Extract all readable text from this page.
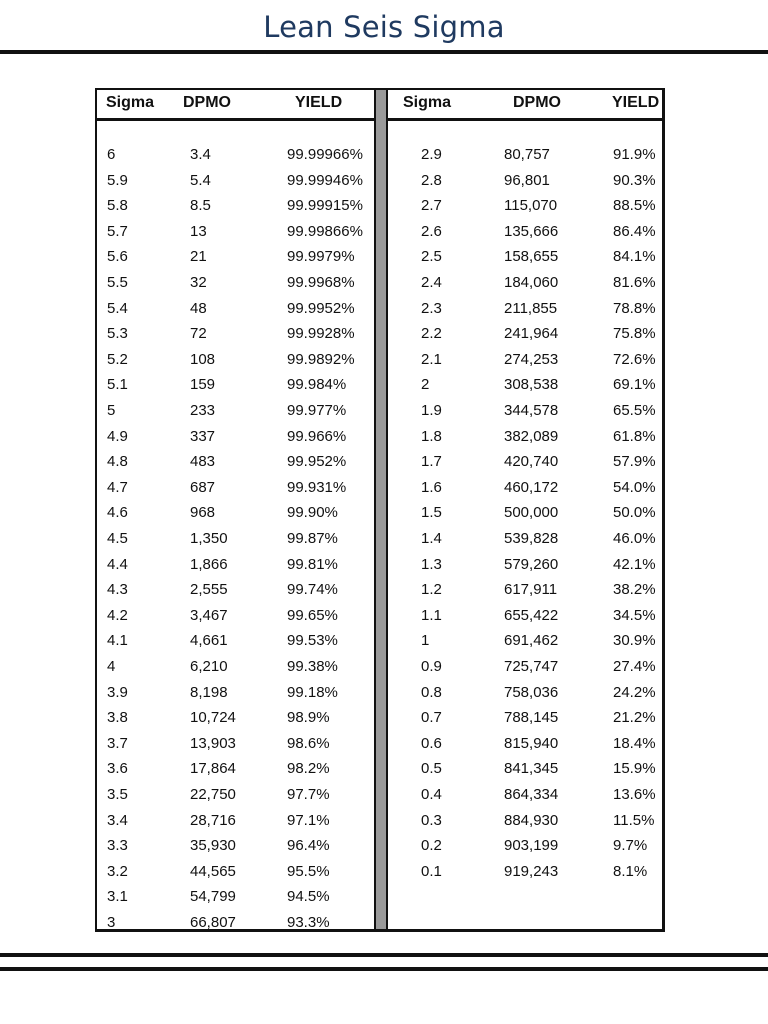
Lean Seis Sigma
Sigma DPMO	YIELD	Sigma	DPMO	YIELD
6	3.4	99.99966%
5.9	5.4	99.99946%
5.8	8.5	99.99915%
5.7	13	99.99866%
5.6	21	99.9979%
5.5	32	99.9968%
5.4	48	99.9952%
5.3	72	99.9928%
5.2	108	99.9892%
5.1	159	99.984%
5	233	99.977%
4.9	337	99.966%
4.8	483	99.952%
4.7	687	99.931%
4.6	968	99.90%
4.5	1,350	99.87%
4.4	1,866	99.81%
4.3	2,555	99.74%
4.2	3,467	99.65%
4.1	4,661	99.53%
4	6,210	99.38%
3.9	8,198	99.18%
3.8	10,724	98.9%
3.7	13,903	98.6%
3.6	17,864	98.2%
3.5	22,750	97.7%
3.4	28,716	97.1%
3.3	35,930	96.4%
3.2	44,565	95.5%
3.1	54,799	94.5%
3	66,807	93.3%
2.9	80,757	91.9%
2.8	96,801	90.3%
2.7	115,070	88.5%
2.6	135,666	86.4%
2.5	158,655	84.1%
2.4	184,060	81.6%
2.3	211,855	78.8%
2.2	241,964	75.8%
2.1	274,253	72.6%
2	308,538	69.1%
1.9	344,578	65.5%
1.8	382,089	61.8%
1.7	420,740	57.9%
1.6	460,172	54.0%
1.5	500,000	50.0%
1.4	539,828	46.0%
1.3	579,260	42.1%
1.2	617,911	38.2%
1.1	655,422	34.5%
1	691,462	30.9%
0.9	725,747	27.4%
0.8	758,036	24.2%
0.7	788,145	21.2%
0.6	815,940	18.4%
0.5	841,345	15.9%
0.4	864,334	13.6%
0.3	884,930	11.5%
0.2	903,199	9.7%
0.1	919,243	8.1%
